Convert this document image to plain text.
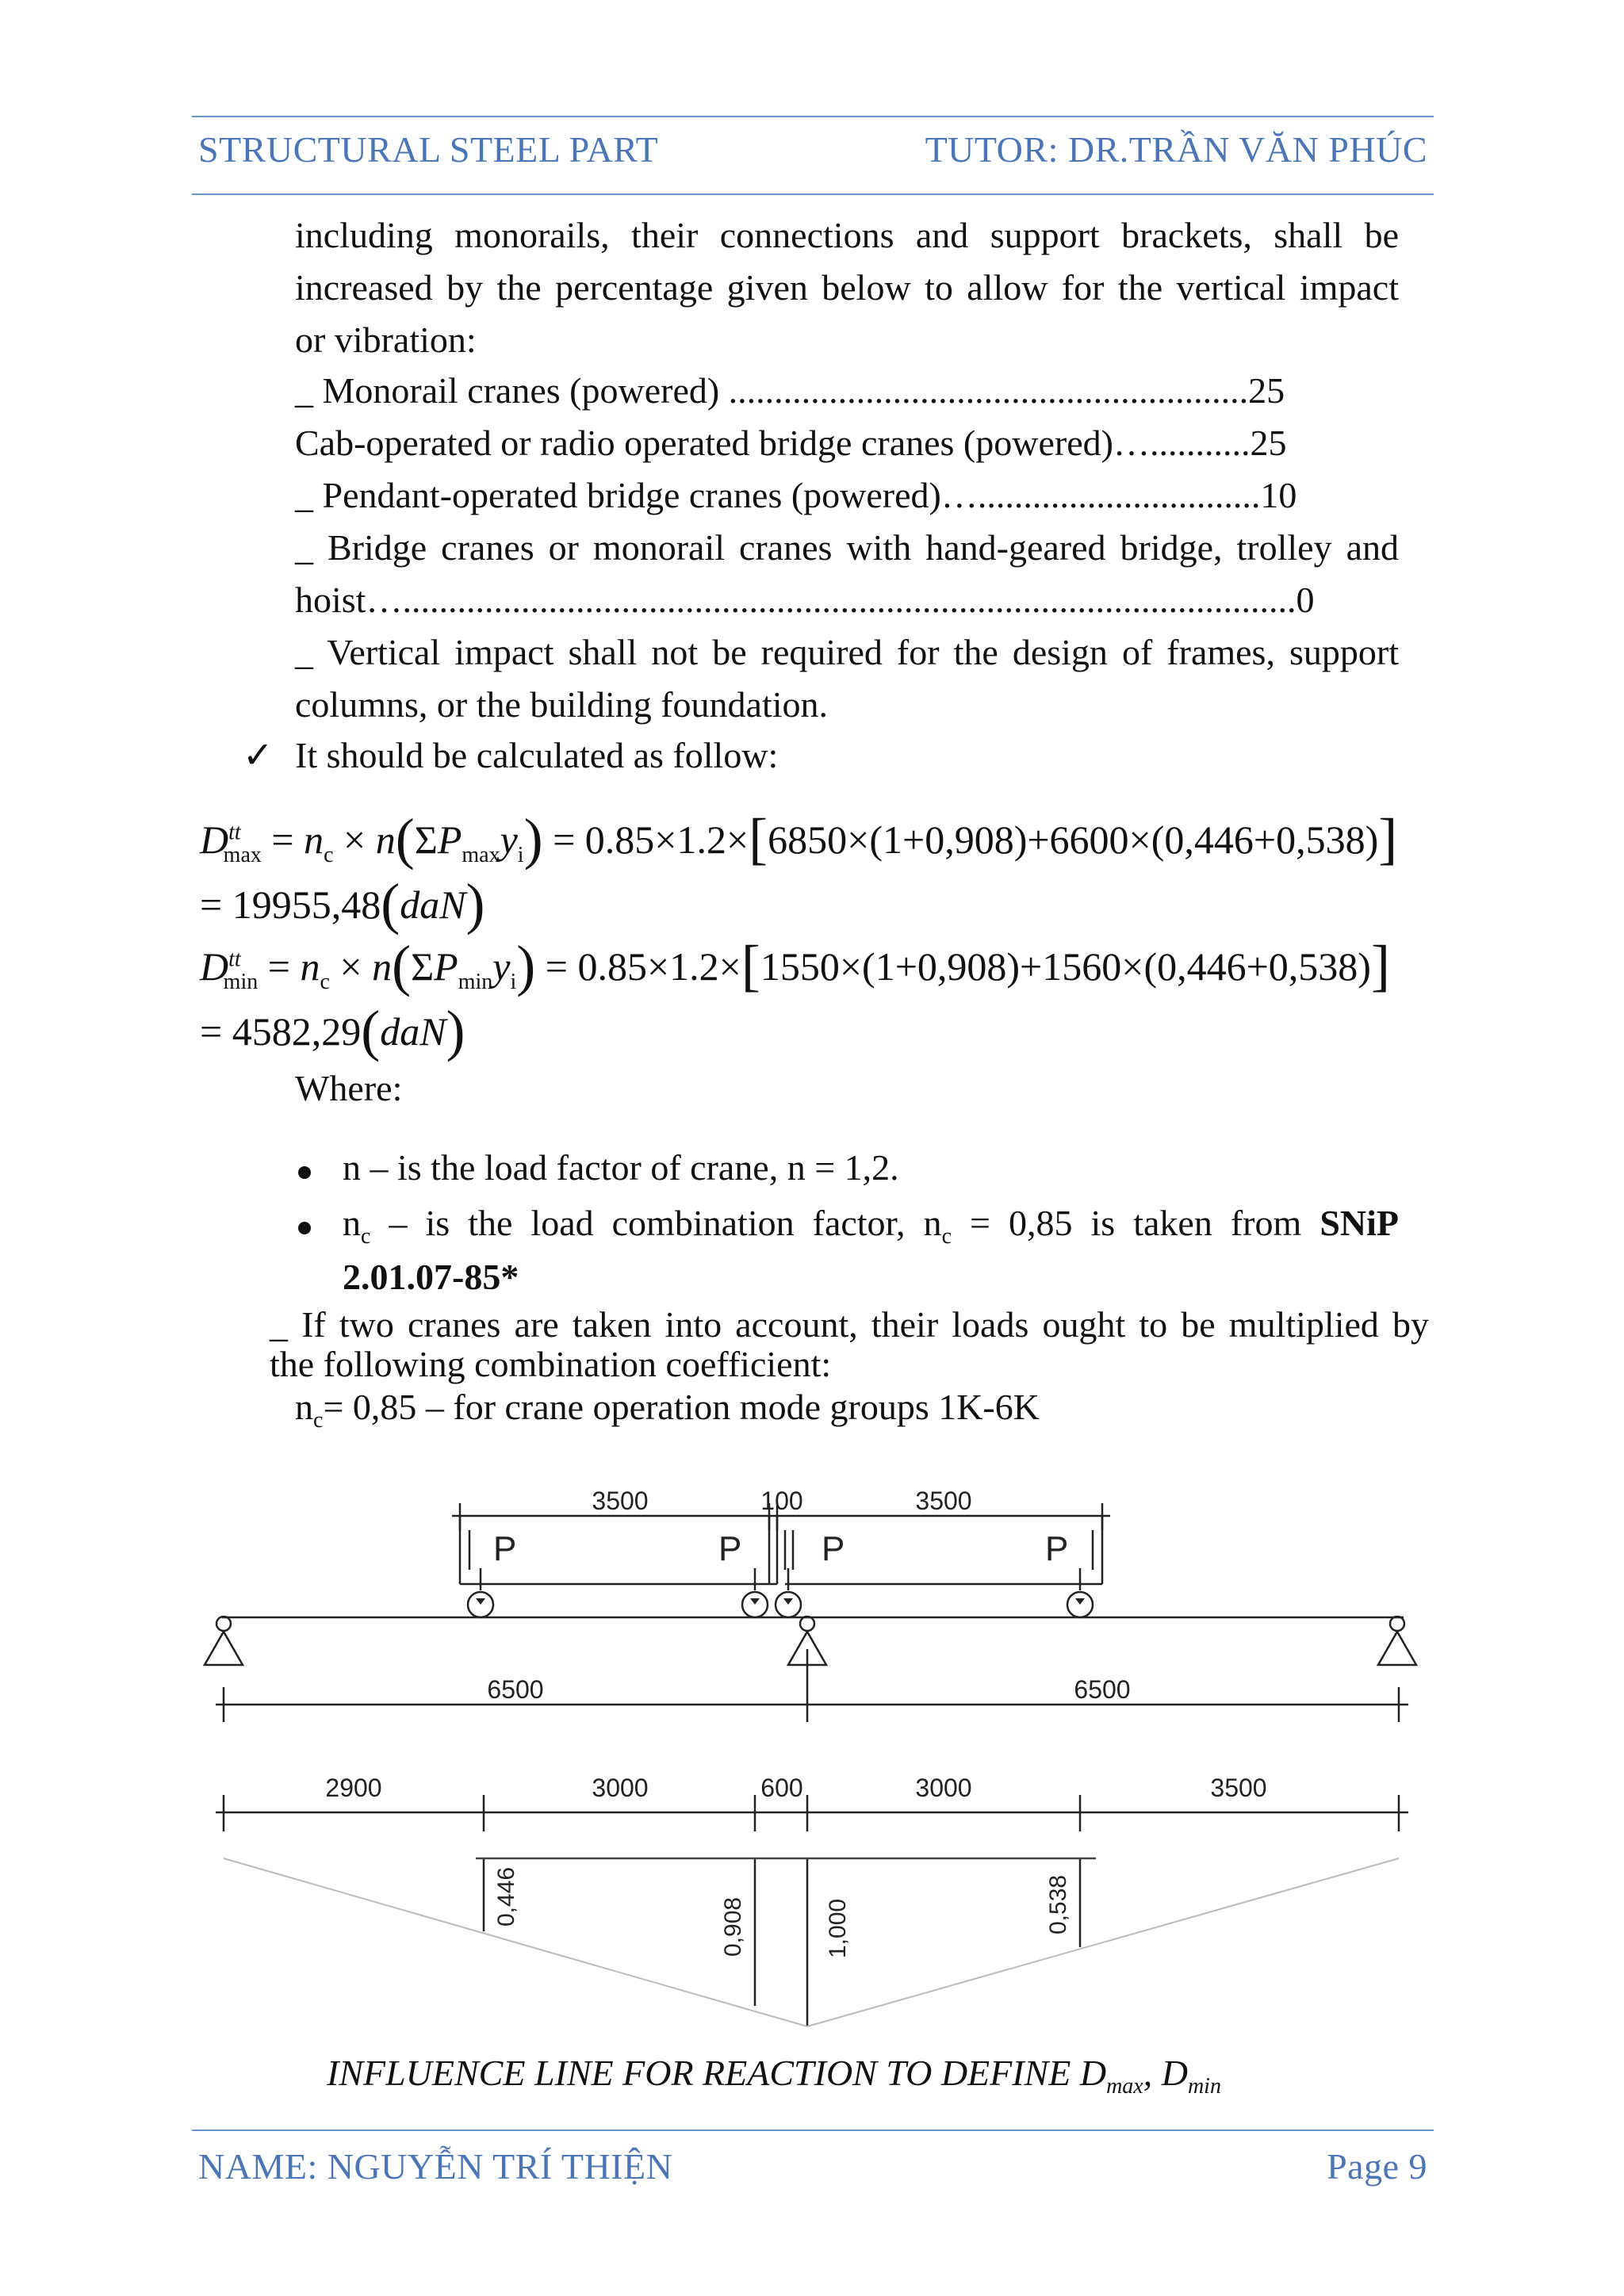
STRUCTURAL STEEL PART	TUTOR: DR.TRẦN VĂN PHÚC
including monorails, their connections and support brackets, shall be
increased by the percentage given below to allow for the vertical impact
or vibration:
_ Monorail cranes (powered) .........................................................25
Cab-operated or radio operated bridge cranes (powered)…...........25
_ Pendant-operated bridge cranes (powered)…...............................10
_ Bridge cranes or monorail cranes with hand-geared bridge, trolley and
hoist…..................................................................................................0
_ Vertical impact shall not be required for the design of frames, support
columns, or the building foundation.
✓ It should be calculated as follow:
$D^{tt}_{max} = n_c \times n(\Sigma P_{max}y_i) = 0.85\times 1.2\times[6850\times(1+0,908)+6600\times(0,446+0,538)]$
= 19955,48(daN)
$D^{tt}_{min} = n_c \times n(\Sigma P_{min}y_i) = 0.85\times 1.2\times[1550\times(1+0,908)+1560\times(0,446+0,538)]$
= 4582,29(daN)
Where:
n – is the load factor of crane, n = 1,2.
$n_c$ – is the load combination factor, $n_c = 0,85$ is taken from SNiP
2.01.07-85*
_ If two cranes are taken into account, their loads ought to be multiplied by
the following combination coefficient:
$n_c= 0,85$ – for crane operation mode groups 1K-6K
3500	100	3500
6500	6500
2900	3000	600	3000	3500
P	P P	P
0,446
0,908	1,000	0,538
INFLUENCE LINE FOR REACTION TO DEFINE $D_{max}$, $D_{min}$
NAME: NGUYỄN TRÍ THIỆN	Page 9
